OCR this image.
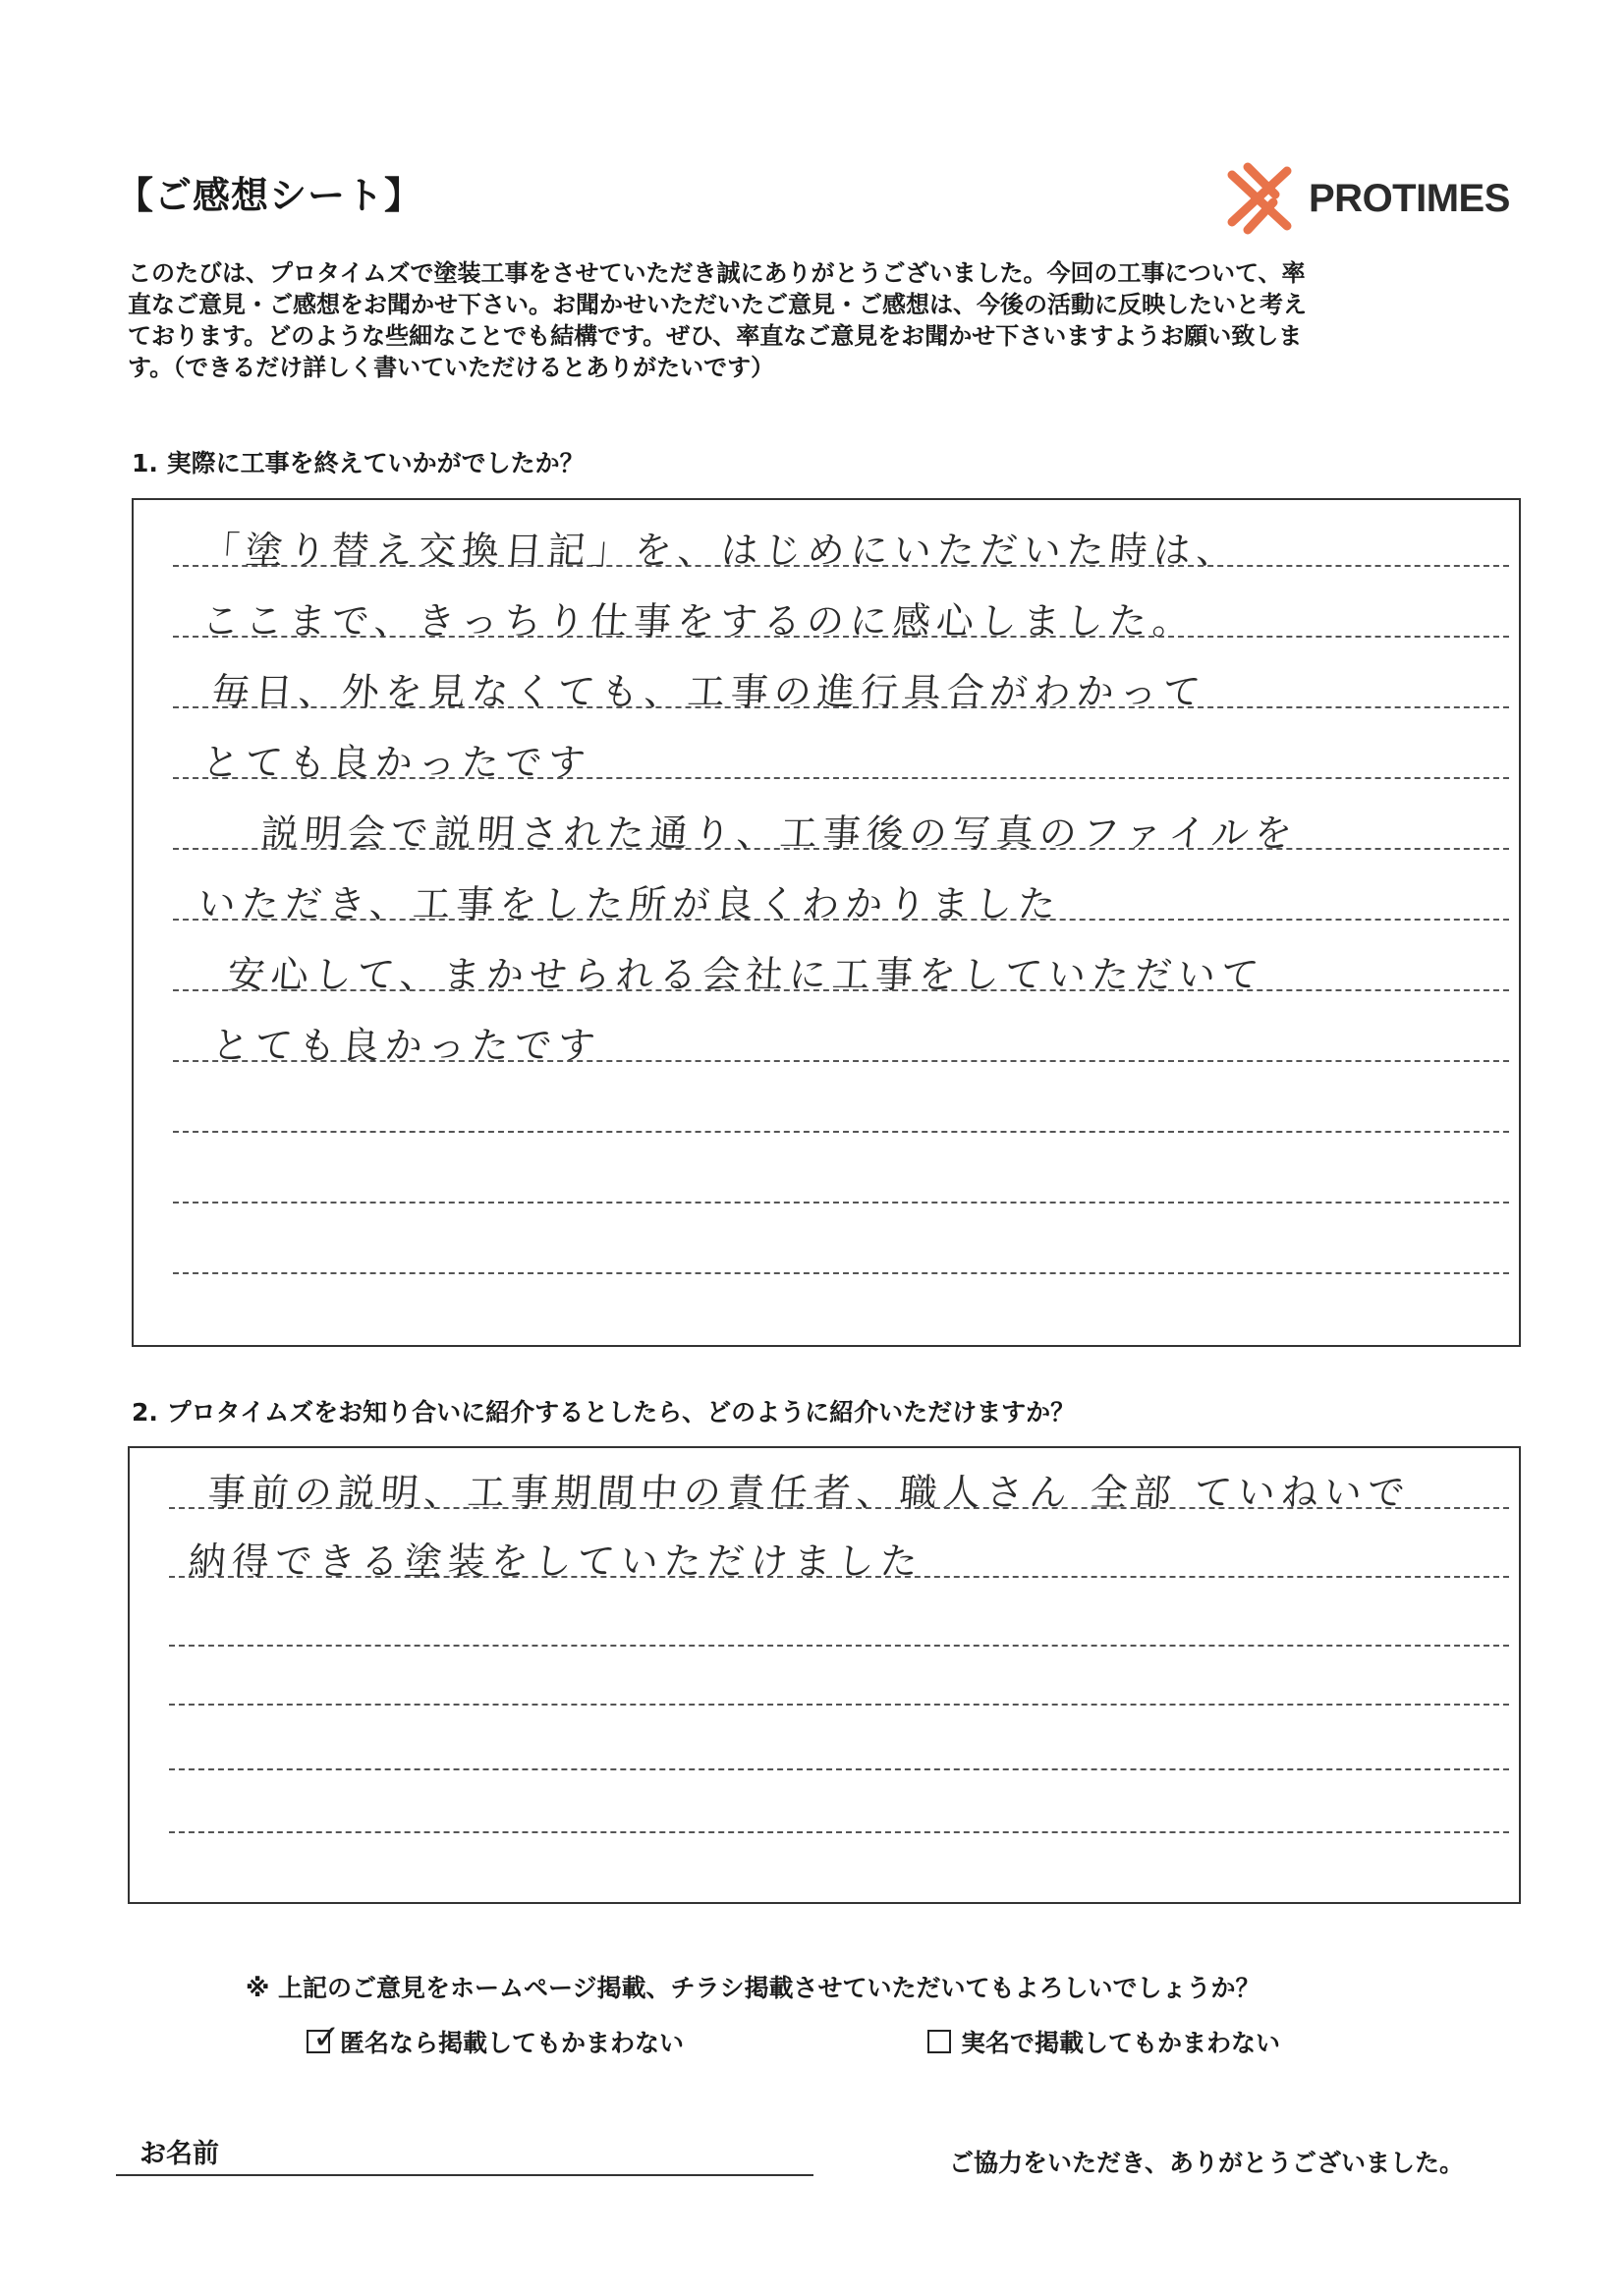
【ご感想シート】	PROTIMES
このたびは、プロタイムズで塗装工事をさせていただき誠にありがとうございました。今回の工事について、率
直なご意見・ご感想をお聞かせ下さい。お聞かせいただいたご意見・ご感想は、今後の活動に反映したいと考え
ております。どのような些細なことでも結構です。ぜひ、率直なご意見をお聞かせ下さいますようお願い致しま
す。（できるだけ詳しく書いていただけるとありがたいです）
1. 実際に工事を終えていかがでしたか？
「塗り替え交換日記」を、はじめにいただいた時は、
ここまで、きっちり仕事をするのに感心しました。
毎日、外を見なくても、工事の進行具合がわかって
とても良かったです
説明会で説明された通り、工事後の写真のファイルを
いただき、工事をした所が良くわかりました
安心して、まかせられる会社に工事をしていただいて
とても良かったです
2. プロタイムズをお知り合いに紹介するとしたら、どのように紹介いただけますか？
事前の説明、工事期間中の責任者、職人さん 全部 ていねいで
納得できる塗装をしていただけました
※ 上記のご意見をホームページ掲載、チラシ掲載させていただいてもよろしいでしょうか？
✓ 匿名なら掲載してもかまわない	実名で掲載してもかまわない
お名前	ご協力をいただき、ありがとうございました。
